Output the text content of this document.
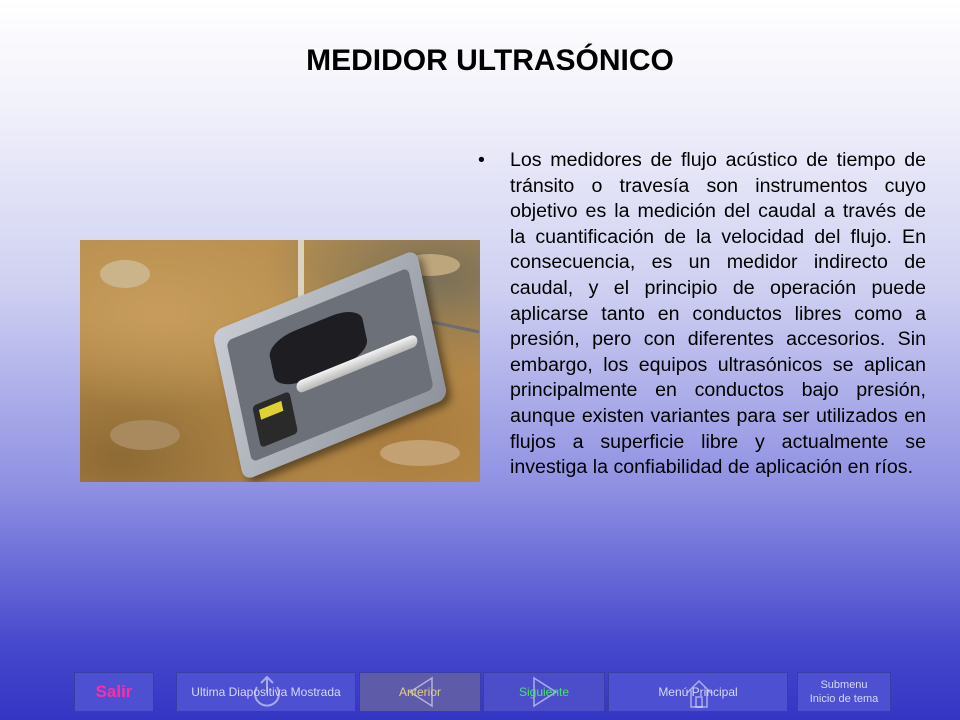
MEDIDOR ULTRASÓNICO
• Los medidores de flujo acústico de tiempo de tránsito o travesía son instrumentos cuyo objetivo es la medición del caudal a través de la cuantificación de la velocidad del flujo. En consecuencia, es un medidor indirecto de caudal, y el principio de operación puede aplicarse tanto en conductos libres como a presión, pero con diferentes accesorios. Sin embargo, los equipos ultrasónicos se aplican principalmente en conductos bajo presión, aunque existen variantes para ser utilizados en flujos a superficie libre y actualmente se investiga la confiabilidad de aplicación en ríos.
Salir	Ultima Diapositiva Mostrada	Anterior	Siguiente	Menú Principal	Submenu
Inicio de tema
